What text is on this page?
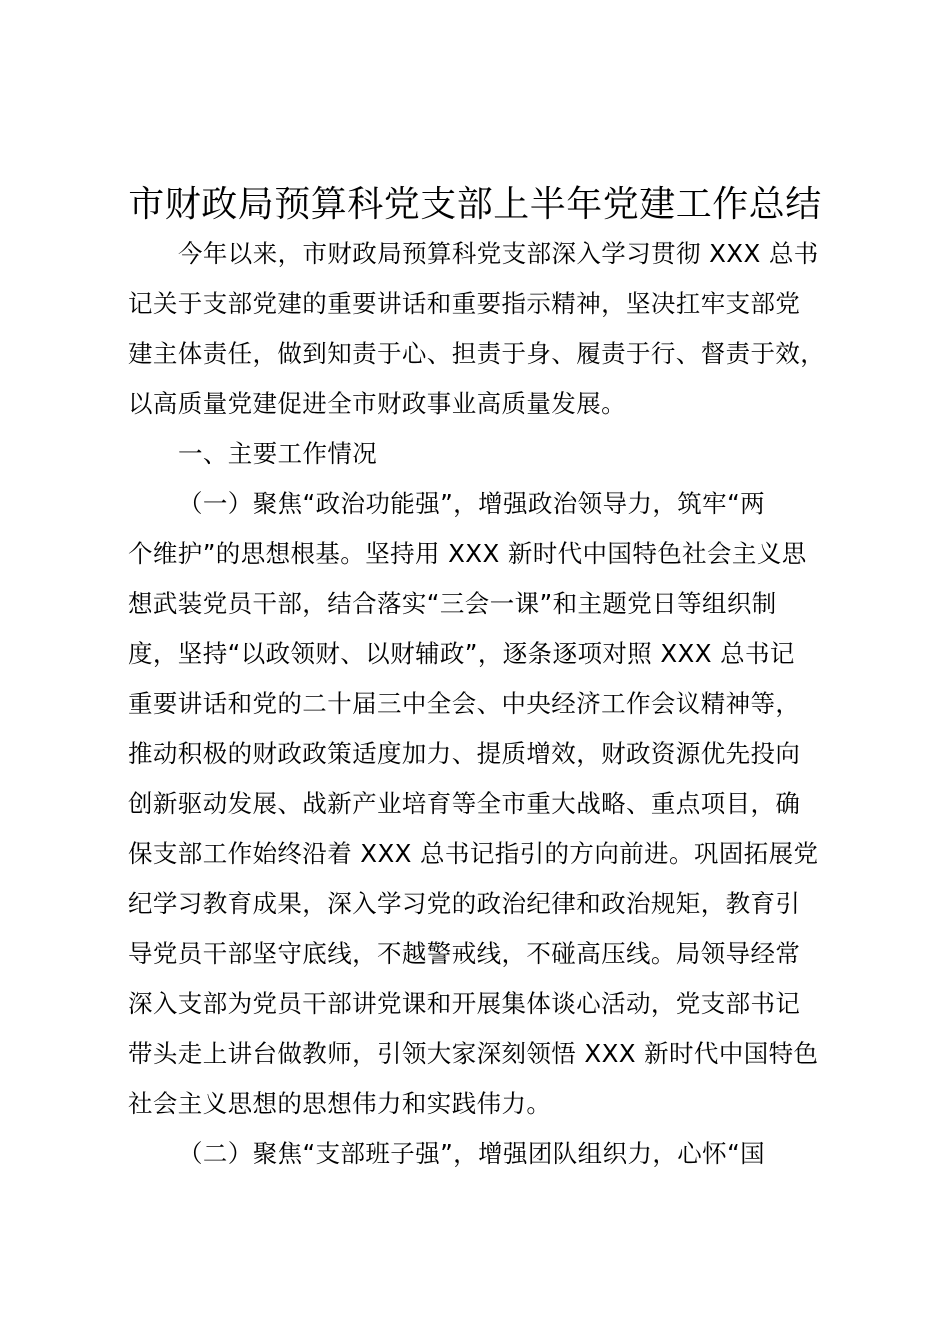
市财政局预算科党支部上半年党建工作总结
今年以来，市财政局预算科党支部深入学习贯彻 XXX 总书
记关于支部党建的重要讲话和重要指示精神，坚决扛牢支部党
建主体责任，做到知责于心、担责于身、履责于行、督责于效，
以高质量党建促进全市财政事业高质量发展。
一、主要工作情况
（一）聚焦“政治功能强”，增强政治领导力，筑牢“两
个维护”的思想根基。坚持用 XXX 新时代中国特色社会主义思
想武装党员干部，结合落实“三会一课”和主题党日等组织制
度，坚持“以政领财、以财辅政”，逐条逐项对照 XXX 总书记
重要讲话和党的二十届三中全会、中央经济工作会议精神等，
推动积极的财政政策适度加力、提质增效，财政资源优先投向
创新驱动发展、战新产业培育等全市重大战略、重点项目，确
保支部工作始终沿着 XXX 总书记指引的方向前进。巩固拓展党
纪学习教育成果，深入学习党的政治纪律和政治规矩，教育引
导党员干部坚守底线，不越警戒线，不碰高压线。局领导经常
深入支部为党员干部讲党课和开展集体谈心活动，党支部书记
带头走上讲台做教师，引领大家深刻领悟 XXX 新时代中国特色
社会主义思想的思想伟力和实践伟力。
（二）聚焦“支部班子强”，增强团队组织力，心怀“国
